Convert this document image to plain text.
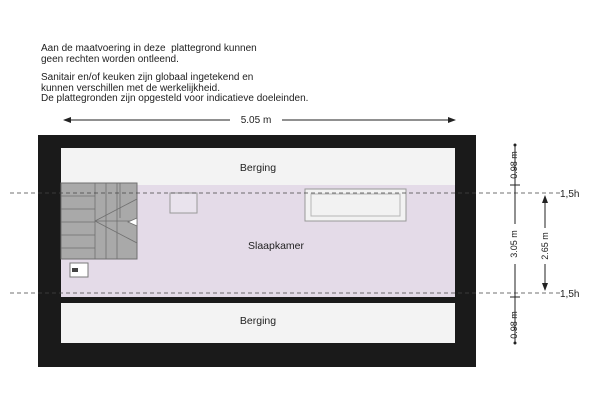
Aan de maatvoering in deze  plattegrond kunnen
geen rechten worden ontleend.
Sanitair en/of keuken zijn globaal ingetekend en
kunnen verschillen met de werkelijkheid.
De plattegronden zijn opgesteld voor indicatieve doeleinden.
5.05 m
Berging
Slaapkamer
Berging
0.98 m
3.05 m
0.98 m
2.65 m
1,5h
1,5h
